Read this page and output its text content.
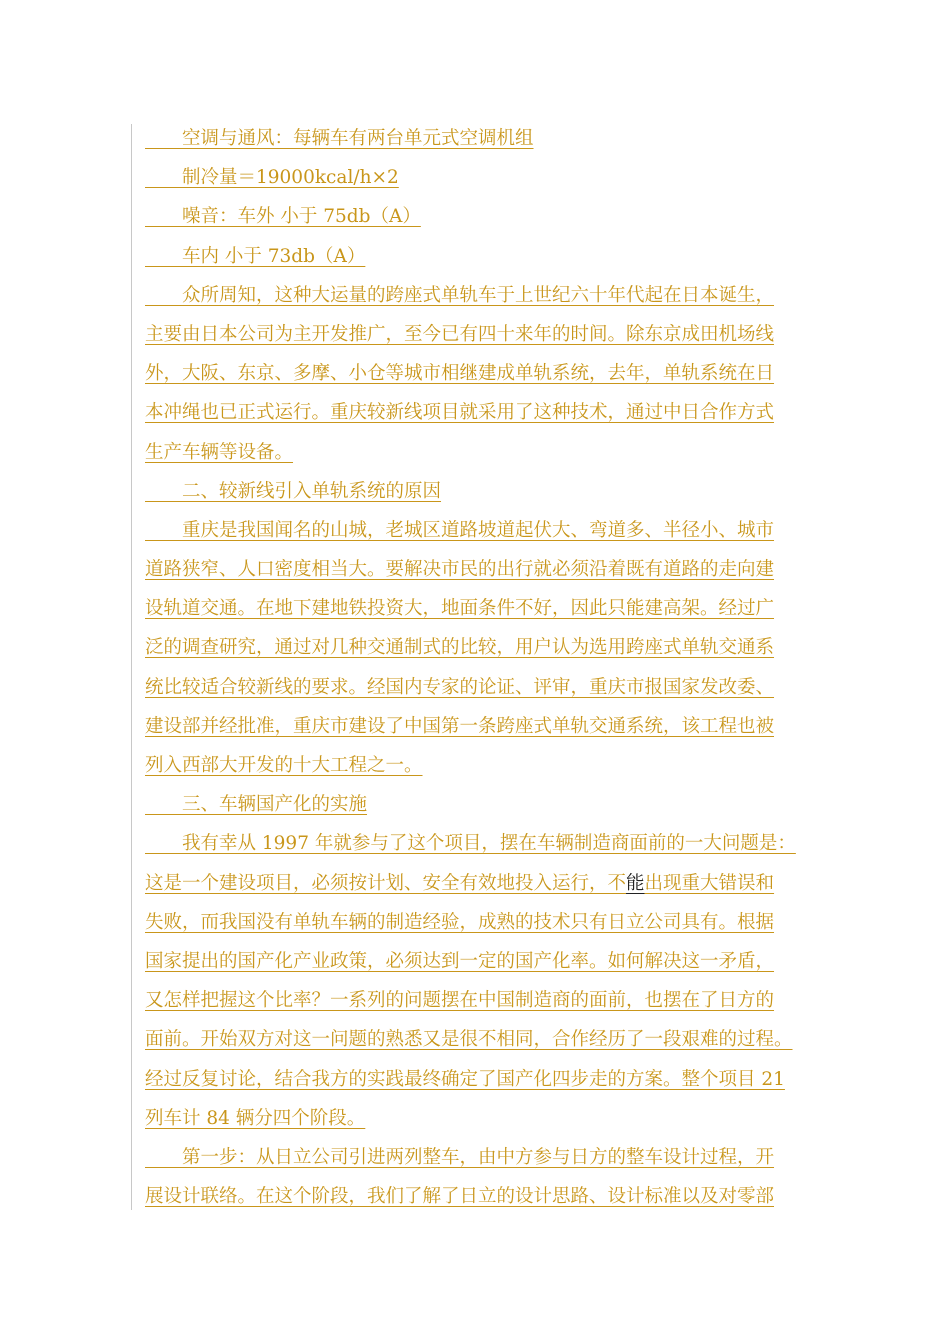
　　空调与通风：每辆车有两台单元式空调机组
　　制冷量＝19000kcal/h×2
　　噪音：车外 小于 75db（A）
　　车内 小于 73db（A）
　　众所周知，这种大运量的跨座式单轨车于上世纪六十年代起在日本诞生，
主要由日本公司为主开发推广，至今已有四十来年的时间。除东京成田机场线
外，大阪、东京、多摩、小仓等城市相继建成单轨系统，去年，单轨系统在日
本冲绳也已正式运行。重庆较新线项目就采用了这种技术，通过中日合作方式
生产车辆等设备。
　　二、较新线引入单轨系统的原因
　　重庆是我国闻名的山城，老城区道路坡道起伏大、弯道多、半径小、城市
道路狭窄、人口密度相当大。要解决市民的出行就必须沿着既有道路的走向建
设轨道交通。在地下建地铁投资大，地面条件不好，因此只能建高架。经过广
泛的调查研究，通过对几种交通制式的比较，用户认为选用跨座式单轨交通系
统比较适合较新线的要求。经国内专家的论证、评审，重庆市报国家发改委、
建设部并经批准，重庆市建设了中国第一条跨座式单轨交通系统，该工程也被
列入西部大开发的十大工程之一。
　　三、车辆国产化的实施
　　我有幸从 1997 年就参与了这个项目，摆在车辆制造商面前的一大问题是：
这是一个建设项目，必须按计划、安全有效地投入运行，不能出现重大错误和
失败，而我国没有单轨车辆的制造经验，成熟的技术只有日立公司具有。根据
国家提出的国产化产业政策，必须达到一定的国产化率。如何解决这一矛盾，
又怎样把握这个比率？一系列的问题摆在中国制造商的面前，也摆在了日方的
面前。开始双方对这一问题的熟悉又是很不相同，合作经历了一段艰难的过程。
经过反复讨论，结合我方的实践最终确定了国产化四步走的方案。整个项目 21
列车计 84 辆分四个阶段。
　　第一步：从日立公司引进两列整车，由中方参与日方的整车设计过程，开
展设计联络。在这个阶段，我们了解了日立的设计思路、设计标准以及对零部
